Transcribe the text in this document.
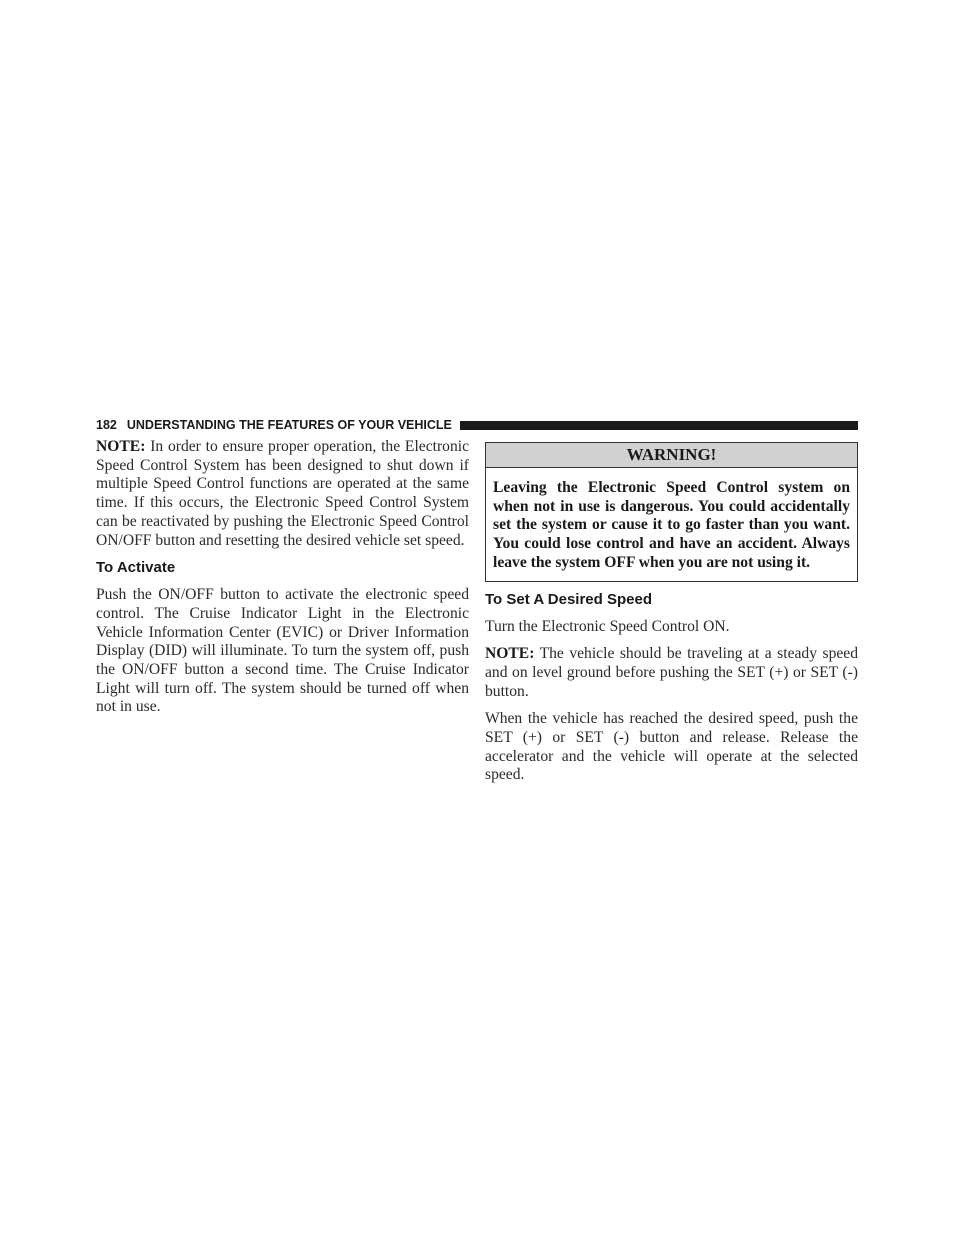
182 UNDERSTANDING THE FEATURES OF YOUR VEHICLE

NOTE: In order to ensure proper operation, the Electronic Speed Control System has been designed to shut down if multiple Speed Control functions are operated at the same time. If this occurs, the Electronic Speed Control System can be reactivated by pushing the Electronic Speed Control ON/OFF button and resetting the desired vehicle set speed.

To Activate

Push the ON/OFF button to activate the electronic speed control. The Cruise Indicator Light in the Electronic Vehicle Information Center (EVIC) or Driver Information Display (DID) will illuminate. To turn the system off, push the ON/OFF button a second time. The Cruise Indicator Light will turn off. The system should be turned off when not in use.

WARNING!
Leaving the Electronic Speed Control system on when not in use is dangerous. You could accidentally set the system or cause it to go faster than you want. You could lose control and have an accident. Always leave the system OFF when you are not using it.
To Set A Desired Speed

Turn the Electronic Speed Control ON.

NOTE: The vehicle should be traveling at a steady speed and on level ground before pushing the SET (+) or SET (-) button.

When the vehicle has reached the desired speed, push the SET (+) or SET (-) button and release. Release the accelerator and the vehicle will operate at the selected speed.
